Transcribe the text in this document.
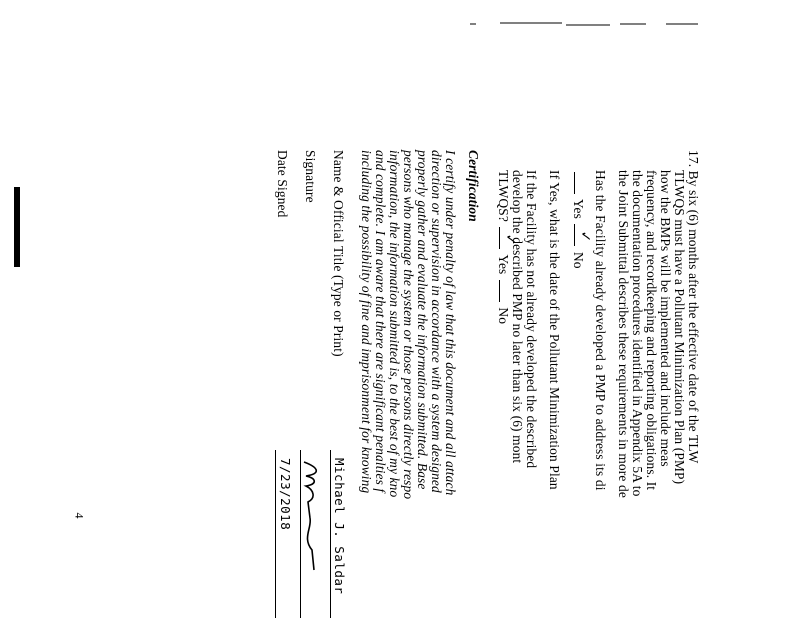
17. By six (6) months after the effective date of the TLW
TLWQS must have a Pollutant Minimization Plan (PMP)
how the BMPs will be implemented and include meas
frequency, and recordkeeping and reporting obligations. It
the documentation procedures identified in Appendix 5A to
the Joint Submittal describes these requirements in more de
Has the Facility already developed a PMP to address its di
Yes ✓ No
If Yes, what is the date of the Pollutant Minimization Plan
If the Facility has not already developed the described
develop the described PMP no later than six (6) mont
TLWQS? ✓ Yes  No
Certification
I certify under penalty of law that this document and all attach
direction or supervision in accordance with a system designed
properly gather and evaluate the information submitted. Base
persons who manage the system or those persons directly respo
information, the information submitted is, to the best of my kno
and complete. I am aware that there are significant penalties f
including the possibility of fine and imprisonment for knowing
Name & Official Title (Type or Print)
Michael J. Saldar
Signature
Date Signed
7/23/2018
4
